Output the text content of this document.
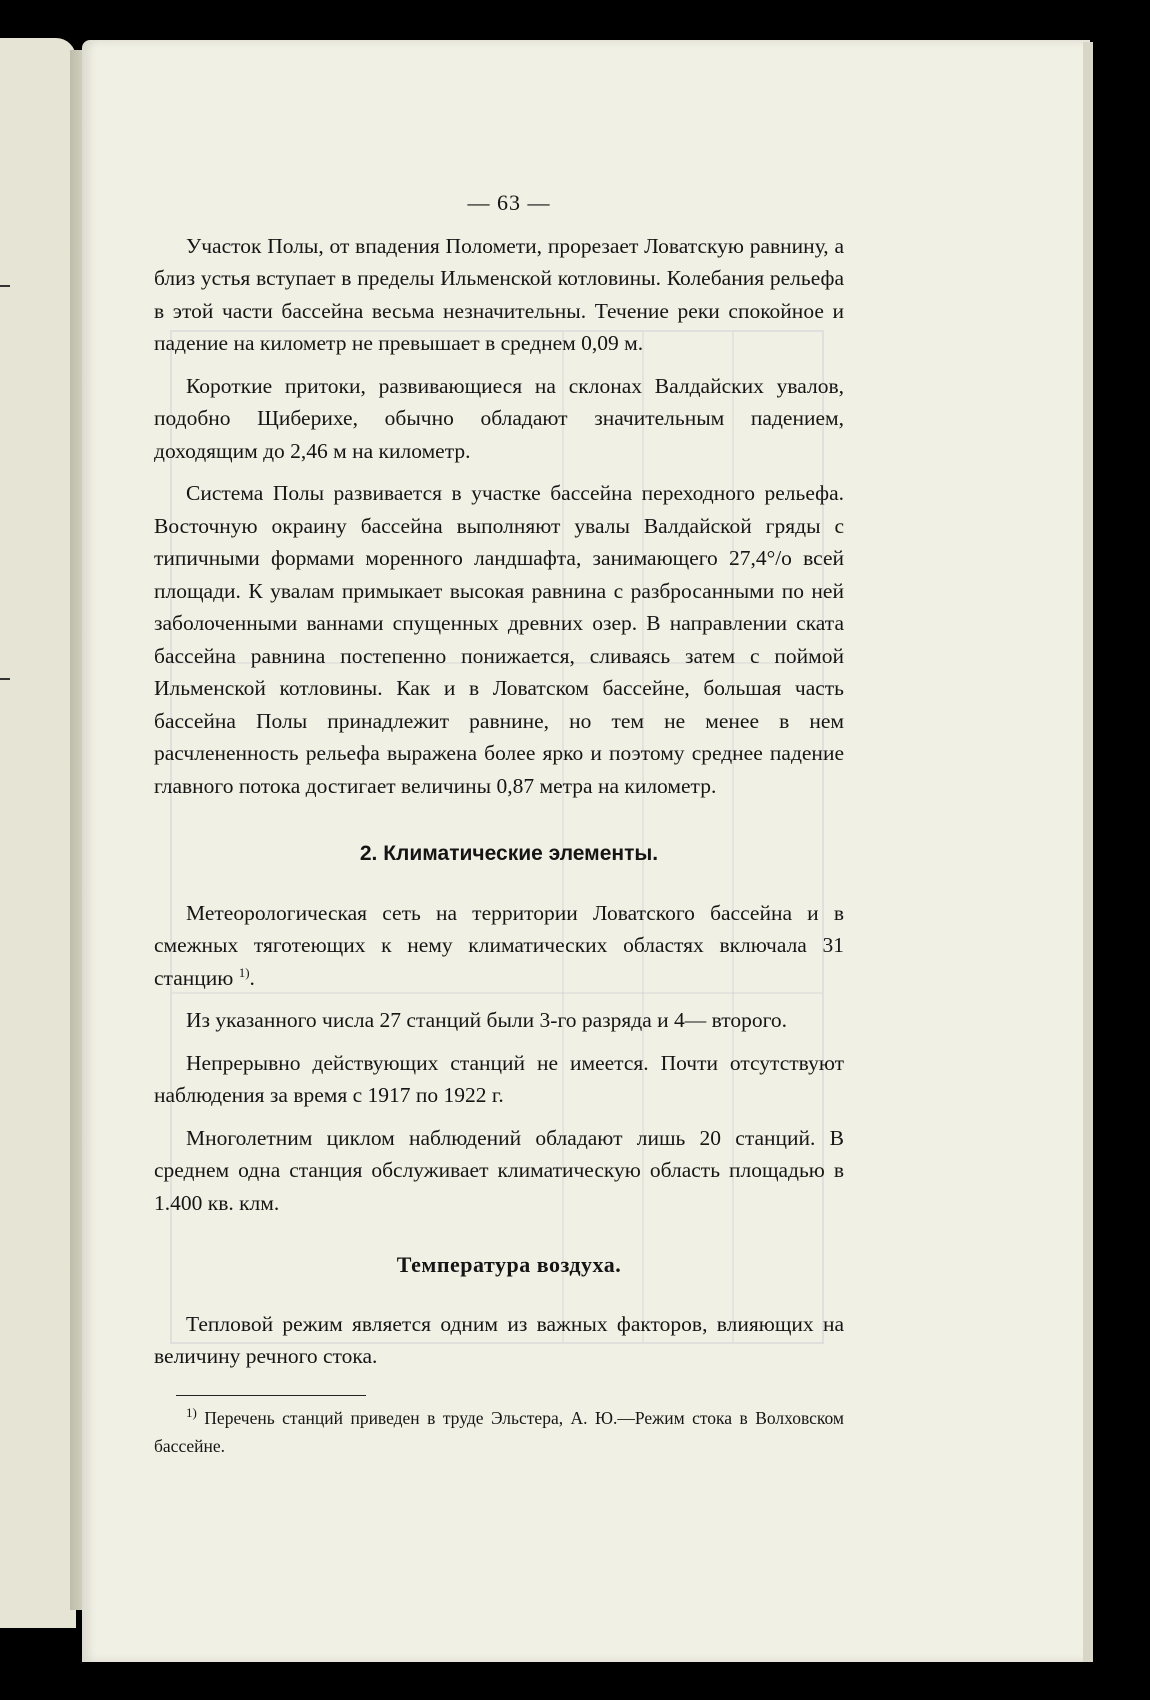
— 63 —

Участок Полы, от впадения Поломети, прорезает Ловатскую равнину, а близ устья вступает в пределы Ильменской котловины. Колебания рельефа в этой части бассейна весьма незначительны. Течение реки спокойное и падение на километр не превышает в среднем 0,09 м.

Короткие притоки, развивающиеся на склонах Валдайских увалов, подобно Щиберихе, обычно обладают значительным падением, доходящим до 2,46 м на километр.

Система Полы развивается в участке бассейна переходного рельефа. Восточную окраину бассейна выполняют увалы Валдайской гряды с типичными формами моренного ландшафта, занимающего 27,4°/о всей площади. К увалам примыкает высокая равнина с разбросанными по ней заболоченными ваннами спущенных древних озер. В направлении ската бассейна равнина постепенно понижается, сливаясь затем с поймой Ильменской котловины. Как и в Ловатском бассейне, большая часть бассейна Полы принадлежит равнине, но тем не менее в нем расчлененность рельефа выражена более ярко и поэтому среднее падение главного потока достигает величины 0,87 метра на километр.

2. Климатические элементы.

Метеорологическая сеть на территории Ловатского бассейна и в смежных тяготеющих к нему климатических областях включала 31 станцию $^{1)}$.

Из указанного числа 27 станций были 3-го разряда и 4— второго.

Непрерывно действующих станций не имеется. Почти отсутствуют наблюдения за время с 1917 по 1922 г.

Многолетним циклом наблюдений обладают лишь 20 станций. В среднем одна станция обслуживает климатическую область площадью в 1.400 кв. клм.

Температура воздуха.

Тепловой режим является одним из важных факторов, влияющих на величину речного стока.

$^{1)}$ Перечень станций приведен в труде Эльстера, А. Ю.—Режим стока в Волховском бассейне.
